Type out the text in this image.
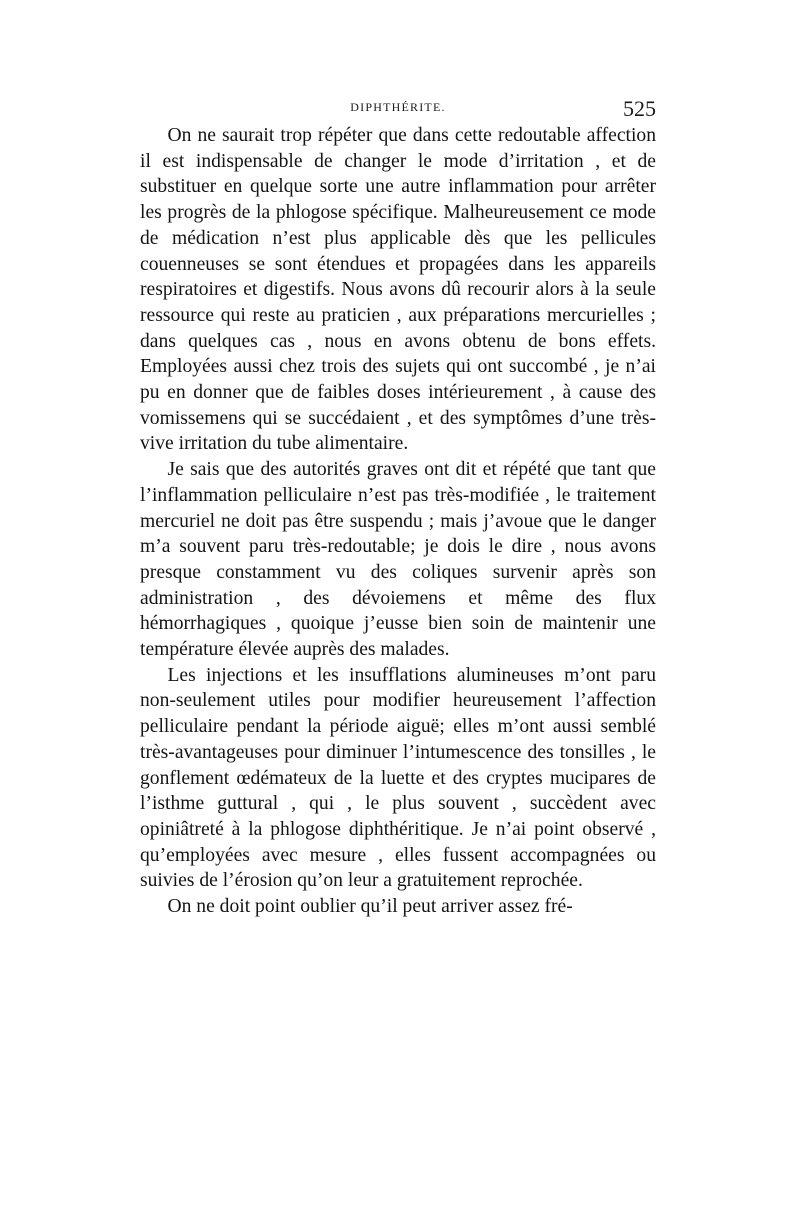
DIPHTHÉRITE.	525

On ne saurait trop répéter que dans cette redoutable affection il est indispensable de changer le mode d’irritation , et de substituer en quelque sorte une autre inflammation pour arrêter les progrès de la phlogose spécifique. Malheureusement ce mode de médication n’est plus applicable dès que les pellicules couenneuses se sont étendues et propagées dans les appareils respiratoires et digestifs. Nous avons dû recourir alors à la seule ressource qui reste au praticien , aux préparations mercurielles ; dans quelques cas , nous en avons obtenu de bons effets. Employées aussi chez trois des sujets qui ont succombé , je n’ai pu en donner que de faibles doses intérieurement , à cause des vomissemens qui se succédaient , et des symptômes d’une très-vive irritation du tube alimentaire.

Je sais que des autorités graves ont dit et répété que tant que l’inflammation pelliculaire n’est pas très-modifiée , le traitement mercuriel ne doit pas être suspendu ; mais j’avoue que le danger m’a souvent paru très-redoutable; je dois le dire , nous avons presque constamment vu des coliques survenir après son administration , des dévoiemens et même des flux hémorrhagiques , quoique j’eusse bien soin de maintenir une température élevée auprès des malades.

Les injections et les insufflations alumineuses m’ont paru non-seulement utiles pour modifier heureusement l’affection pelliculaire pendant la période aiguë; elles m’ont aussi semblé très-avantageuses pour diminuer l’intumescence des tonsilles , le gonflement œdémateux de la luette et des cryptes mucipares de l’isthme guttural , qui , le plus souvent , succèdent avec opiniâtreté à la phlogose diphthéritique. Je n’ai point observé , qu’employées avec mesure , elles fussent accompagnées ou suivies de l’érosion qu’on leur a gratuitement reprochée.

On ne doit point oublier qu’il peut arriver assez fré-
